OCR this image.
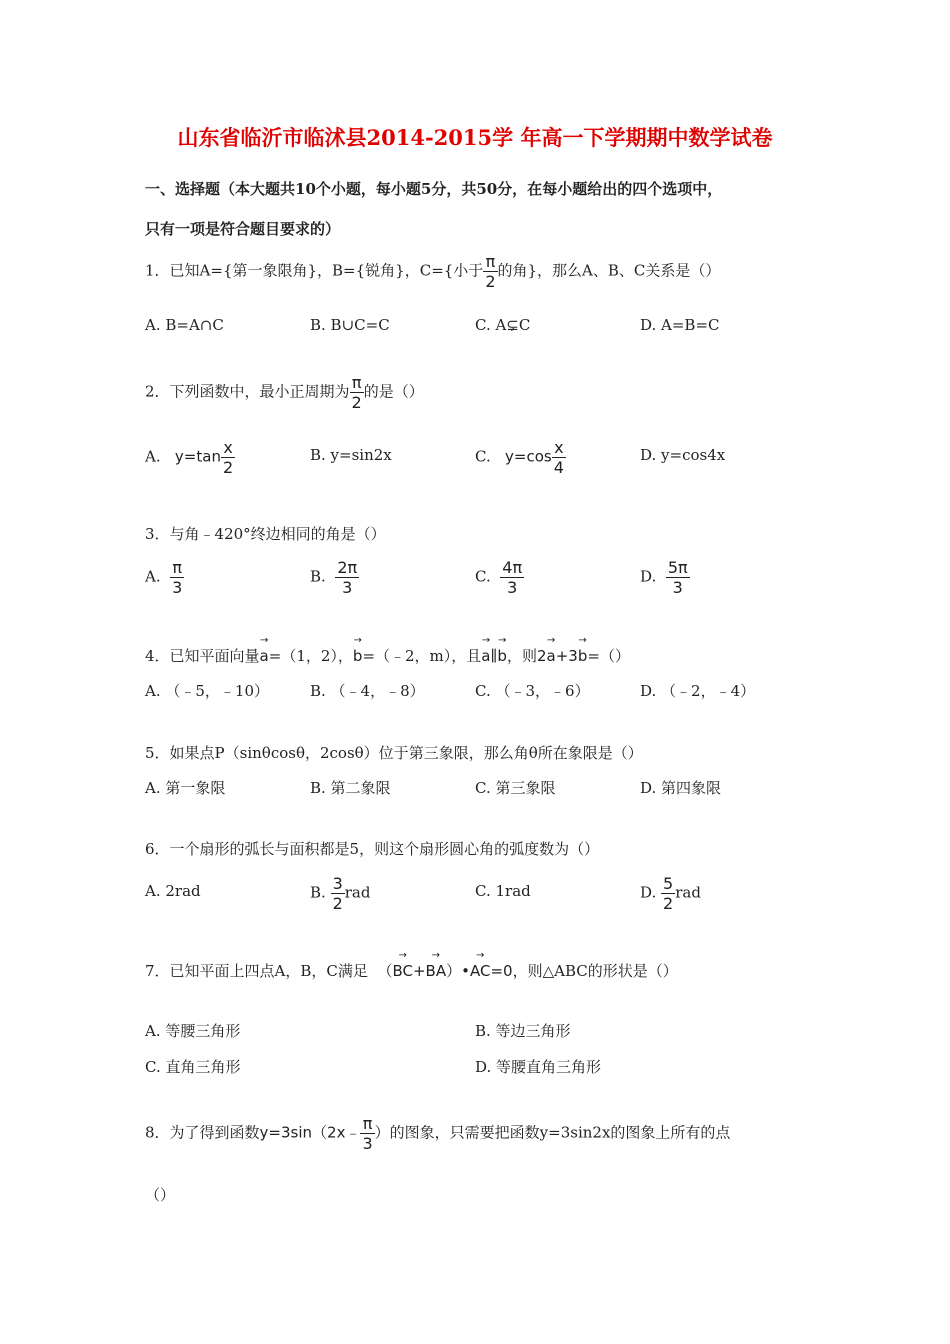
山东省临沂市临沭县2014-2015学 年高一下学期期中数学试卷
一、选择题（本大题共10个小题，每小题5分，共50分，在每小题给出的四个选项中，
只有一项是符合题目要求的）
1．已知A={第一象限角}，B={锐角}，C={小于 $\frac{\pi}{2}$ 的角}，那么A、B、C关系是（）
A. B=A∩C	B. B∪C=C	C. A⊊C	D. A=B=C
2．下列函数中，最小正周期为 $\frac{\pi}{2}$ 的是（）
A. $y=\tan \frac{x}{2}$	B. y=sin2x	C. $y=\cos \frac{x}{4}$	D. y=cos4x
3．与角﹣420°终边相同的角是（）
A. $\frac{\pi}{3}$	B. $\frac{2\pi}{3}$	C. $\frac{4\pi}{3}$	D. $\frac{5\pi}{3}$
4．已知平面向量→ a=（1，2），→ b=（﹣2，m），且→ a∥→ b，则2→ a+3→ b=（）
A. （﹣5，﹣10）	B. （﹣4，﹣8）	C. （﹣3，﹣6）	D. （﹣2，﹣4）
5．如果点P（sinθcosθ，2cosθ）位于第三象限，那么角θ所在象限是（）
A. 第一象限	B. 第二象限	C. 第三象限	D. 第四象限
6．一个扇形的弧长与面积都是5，则这个扇形圆心角的弧度数为（）
A. 2rad	B. $\frac{3}{2}$ rad	C. 1rad	D. $\frac{5}{2}$ rad
7．已知平面上四点A，B，C满足 （→ BC+→ BA）•→ AC=0，则△ABC的形状是（）
A. 等腰三角形	B. 等边三角形
C. 直角三角形	D. 等腰直角三角形
8．为了得到函数y=3sin（2x﹣ $\frac{\pi}{3}$ ）的图象，只需要把函数y=3sin2x的图象上所有的点
（）
